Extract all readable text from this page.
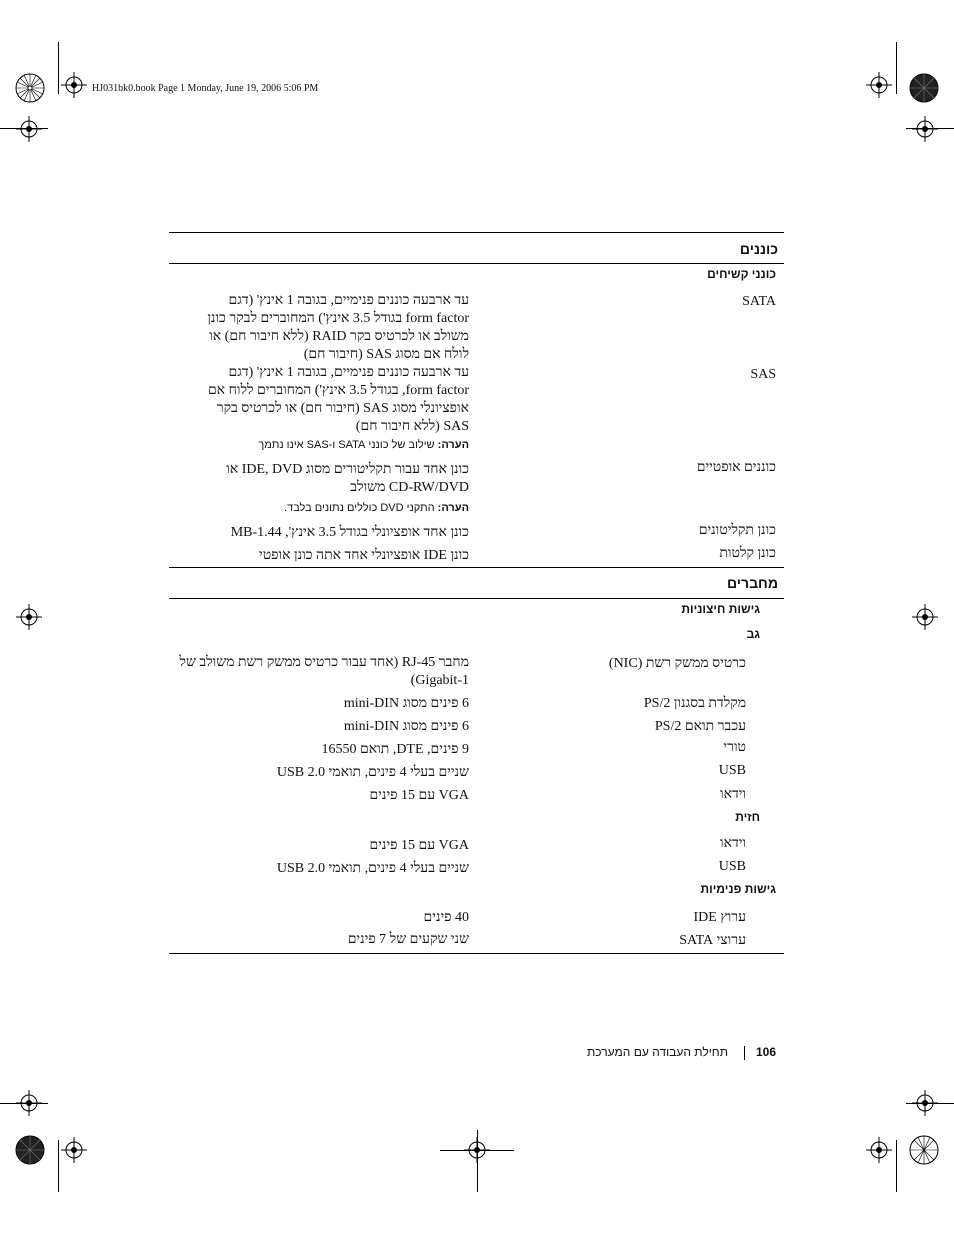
HJ031bk0.book Page 1 Monday, June 19, 2006 5:06 PM
כוננים
כונני קשיחים
SATA
עד ארבעה כוננים פנימיים, בגובה 1 אינץ' (דגם
form factor בגודל 3.5 אינץ') המחוברים לבקר כונן
משולב או לכרטיס בקר RAID (ללא חיבור חם) או
לולח אם מסוג SAS (חיבור חם)
SAS
עד ארבעה כוננים פנימיים, בגובה 1 אינץ' (דגם
form factor, בגודל 3.5 אינץ') המחוברים ללוח אם
אופציונלי מסוג SAS (חיבור חם) או לכרטיס בקר
SAS (ללא חיבור חם)
הערה: שילוב של כונני SATA ו-SAS אינו נתמך
כוננים אופטיים
כונן אחד עבור תקליטורים מסוג IDE, DVD או
CD-RW/DVD משולב
הערה: התקני DVD כוללים נתונים בלבד.
כונן תקליטונים
כונן אחד אופציונלי בגודל 3.5 אינץ', 1.44-MB
כונן קלטות
כונן IDE אופציונלי אחד אתה כונן אופטי
מחברים
גישות חיצוניות
גב
כרטיס ממשק רשת (NIC)
מחבר RJ-45 (אחד עבור כרטיס ממשק רשת משולב של
1-Gigabit)
מקלדת בסגנון PS/2
6 פינים מסוג mini-DIN
עכבר תואם PS/2
6 פינים מסוג mini-DIN
טורי
9 פינים, DTE, תואם 16550
USB
שניים בעלי 4 פינים, תואמי USB 2.0
וידאו
VGA עם 15 פינים
חזית
וידאו
VGA עם 15 פינים
USB
שניים בעלי 4 פינים, תואמי USB 2.0
גישות פנימיות
ערוץ IDE
40 פינים
ערוצי SATA
שני שקעים של 7 פינים
תחילת העבודה עם המערכת 106
